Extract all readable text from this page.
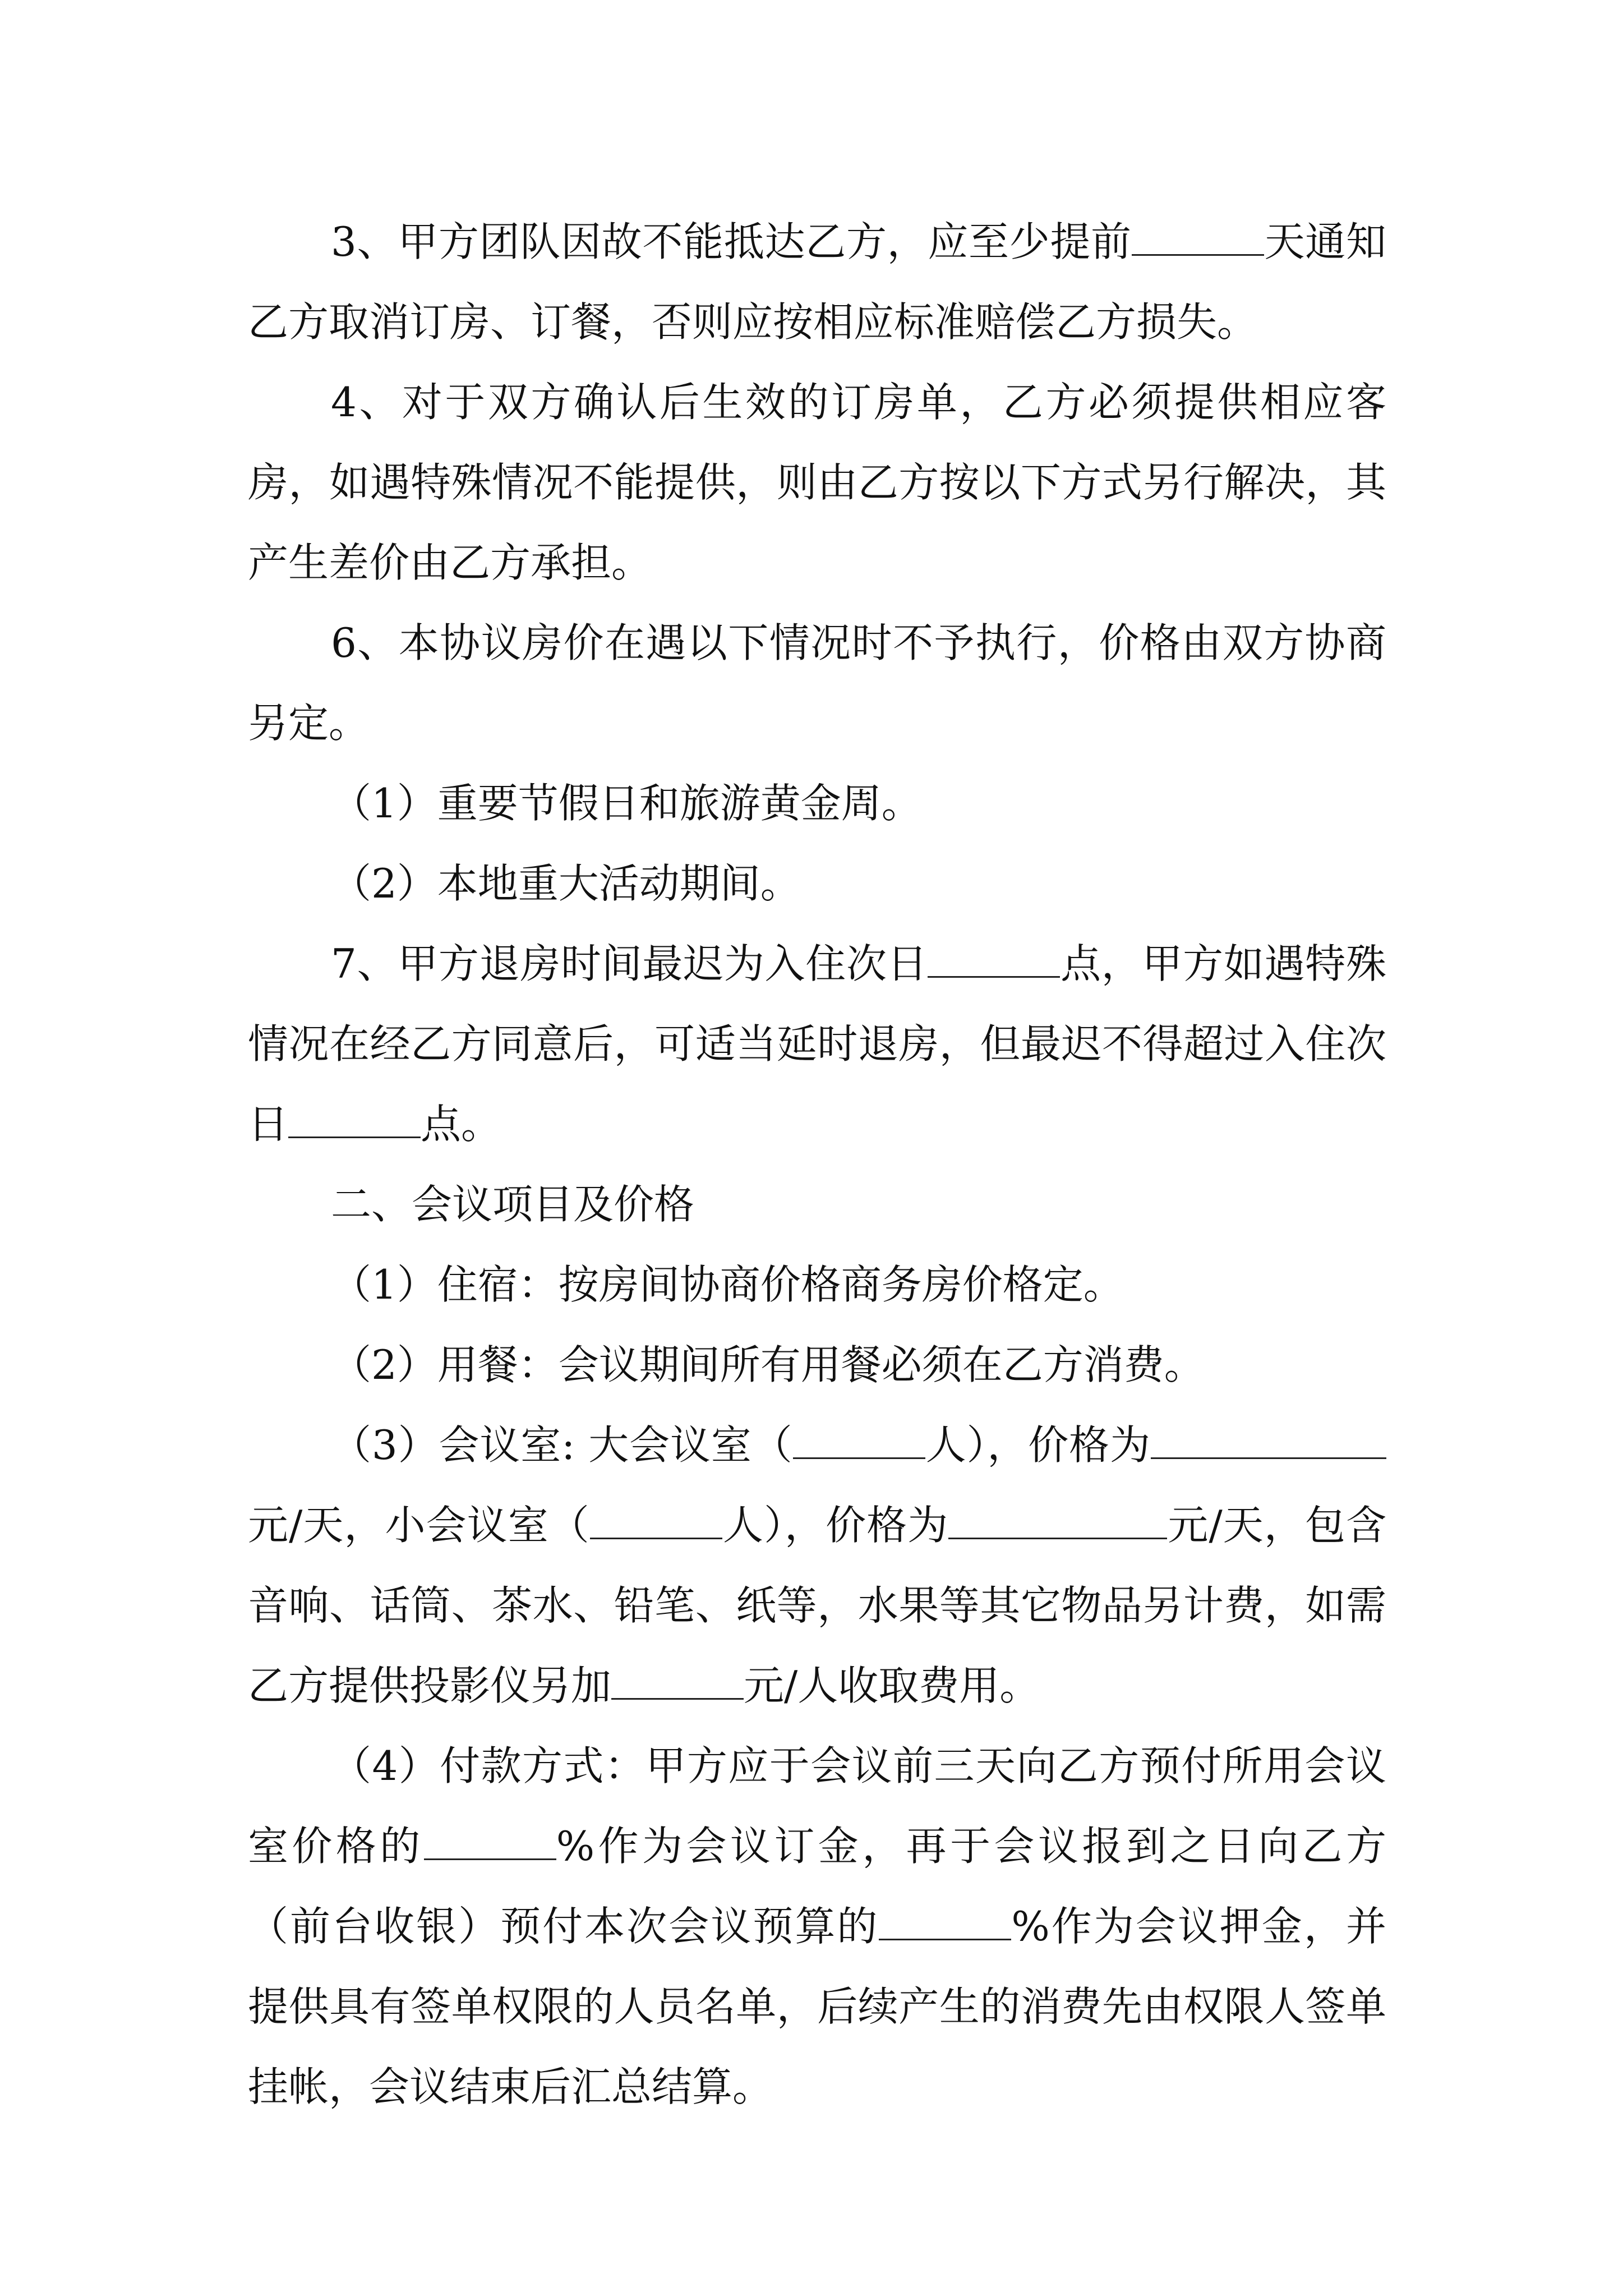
3、甲方团队因故不能抵达乙方，应至少提前	天通知乙方取消订房、订餐，否则应按相应标准赔偿乙方损失。

4、对于双方确认后生效的订房单，乙方必须提供相应客房，如遇特殊情况不能提供，则由乙方按以下方式另行解决，其产生差价由乙方承担。

6、本协议房价在遇以下情况时不予执行，价格由双方协商另定。

（1）重要节假日和旅游黄金周。

（2）本地重大活动期间。

7、甲方退房时间最迟为入住次日	点，甲方如遇特殊情况在经乙方同意后，可适当延时退房，但最迟不得超过入住次日	点。

二、会议项目及价格

（1）住宿：按房间协商价格商务房价格定。

（2）用餐：会议期间所有用餐必须在乙方消费。

（3）会议室: 大会议室（	人），价格为元/天，小会议室（	人），价格为	元/天，包含音响、话筒、茶水、铅笔、纸等，水果等其它物品另计费，如需乙方提供投影仪另加	元/人收取费用。

（4）付款方式：甲方应于会议前三天向乙方预付所用会议室价格的	%作为会议订金，再于会议报到之日向乙方（前台收银）预付本次会议预算的	%作为会议押金，并提供具有签单权限的人员名单，后续产生的消费先由权限人签单挂帐，会议结束后汇总结算。
